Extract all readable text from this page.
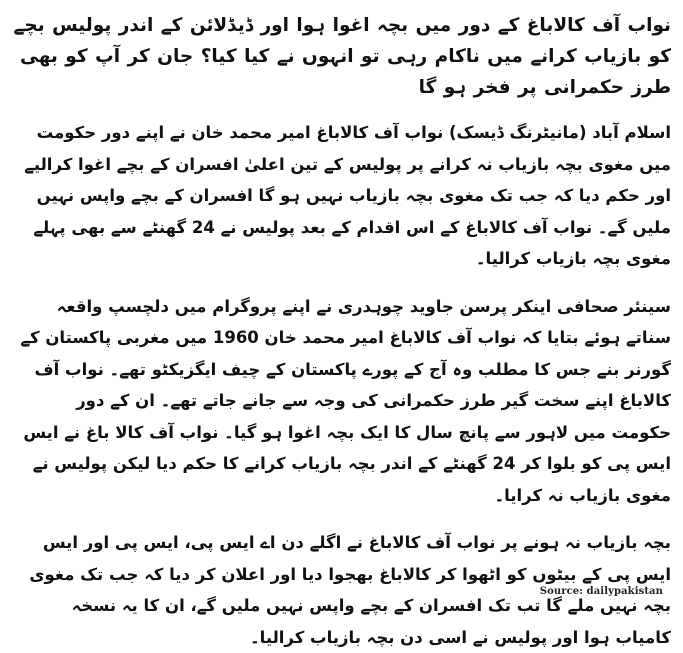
نواب آف کالاباغ کے دور میں بچہ اغوا ہوا اور ڈیڈلائن کے اندر پولیس بچے کو بازیاب کرانے میں ناکام رہی تو انہوں نے کیا کیا؟ جان کر آپ کو بھی طرز حکمرانی پر فخر ہو گا

اسلام آباد (مانیٹرنگ ڈیسک) نواب آف کالاباغ امیر محمد خان نے اپنے دور حکومت میں مغوی بچہ بازیاب نہ کرانے پر پولیس کے تین اعلیٰ افسران کے بچے اغوا کرالیے اور حکم دیا کہ جب تک مغوی بچہ بازیاب نہیں ہو گا افسران کے بچے واپس نہیں ملیں گے۔ نواب آف کالاباغ کے اس اقدام کے بعد پولیس نے 24 گھنٹے سے بھی پہلے مغوی بچہ بازیاب کرالیا۔

سینئر صحافی اینکر پرسن جاوید چوہدری نے اپنے پروگرام میں دلچسپ واقعہ سناتے ہوئے بتایا کہ نواب آف کالاباغ امیر محمد خان 1960 میں مغربی پاکستان کے گورنر بنے جس کا مطلب وہ آج کے پورے پاکستان کے چیف ایگزیکٹو تھے۔ نواب آف کالاباغ اپنے سخت گیر طرز حکمرانی کی وجہ سے جانے جاتے تھے۔ ان کے دور حکومت میں لاہور سے پانچ سال کا ایک بچہ اغوا ہو گیا۔ نواب آف کالا باغ نے ایس ایس پی کو بلوا کر 24 گھنٹے کے اندر بچہ بازیاب کرانے کا حکم دیا لیکن پولیس نے مغوی بازیاب نہ کرایا۔

بچہ بازیاب نہ ہونے پر نواب آف کالاباغ نے اگلے دن اے ایس پی، ایس پی اور ایس ایس پی کے بیٹوں کو اٹھوا کر کالاباغ بھجوا دیا اور اعلان کر دیا کہ جب تک مغوی بچہ نہیں ملے گا تب تک افسران کے بچے واپس نہیں ملیں گے، ان کا یہ نسخہ کامیاب ہوا اور پولیس نے اسی دن بچہ بازیاب کرالیا۔

Source: dailypakistan
